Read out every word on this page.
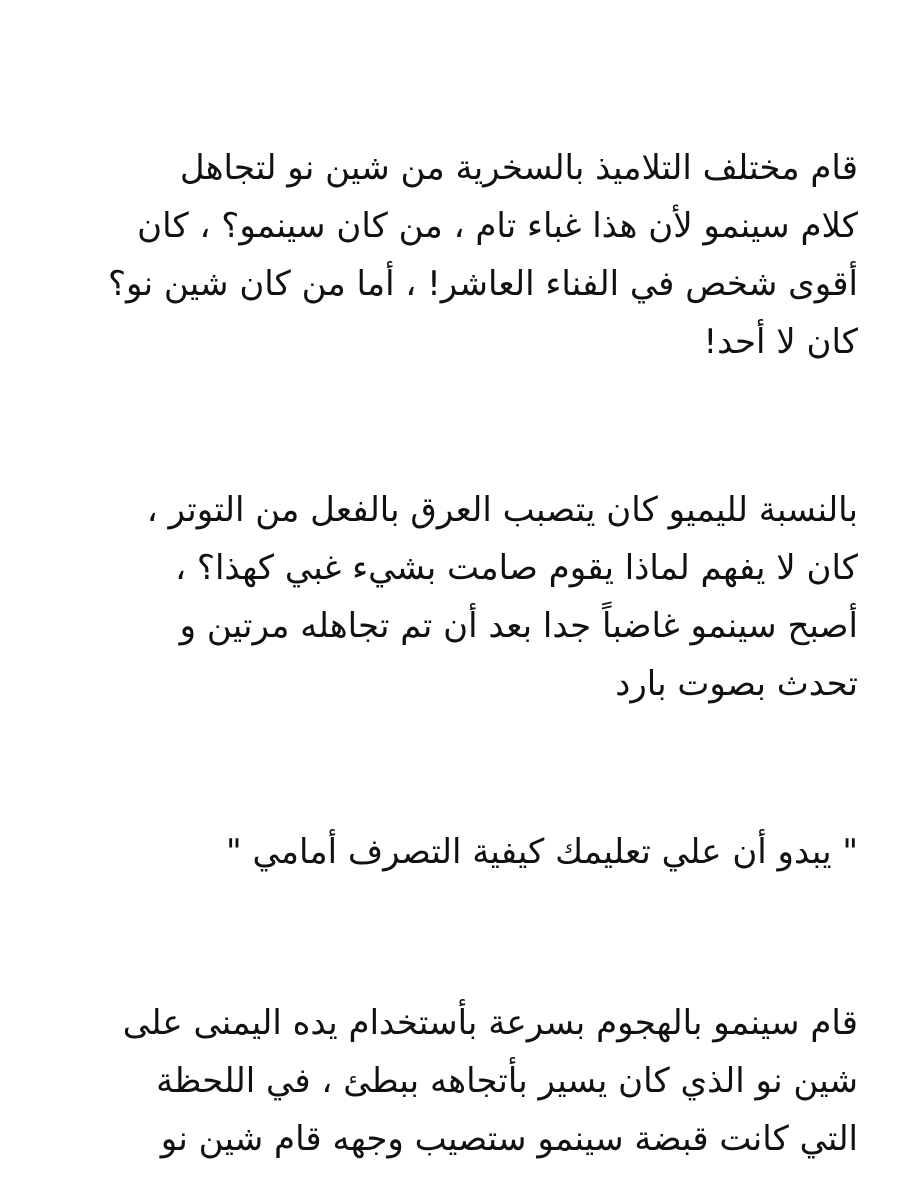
قام مختلف التلاميذ بالسخرية من شين نو لتجاهل
كلام سينمو لأن هذا غباء تام ، من كان سينمو؟ ، كان
أقوى شخص في الفناء العاشر! ، أما من كان شين نو؟
كان لا أحد!

بالنسبة لليميو كان يتصبب العرق بالفعل من التوتر ،
كان لا يفهم لماذا يقوم صامت بشيء غبي كهذا؟ ،
أصبح سينمو غاضباً جدا بعد أن تم تجاهله مرتين و
تحدث بصوت بارد

" يبدو أن علي تعليمك كيفية التصرف أمامي "

قام سينمو بالهجوم بسرعة بأستخدام يده اليمنى على
شين نو الذي كان يسير بأتجاهه ببطئ ، في اللحظة
التي كانت قبضة سينمو ستصيب وجهه قام شين نو
